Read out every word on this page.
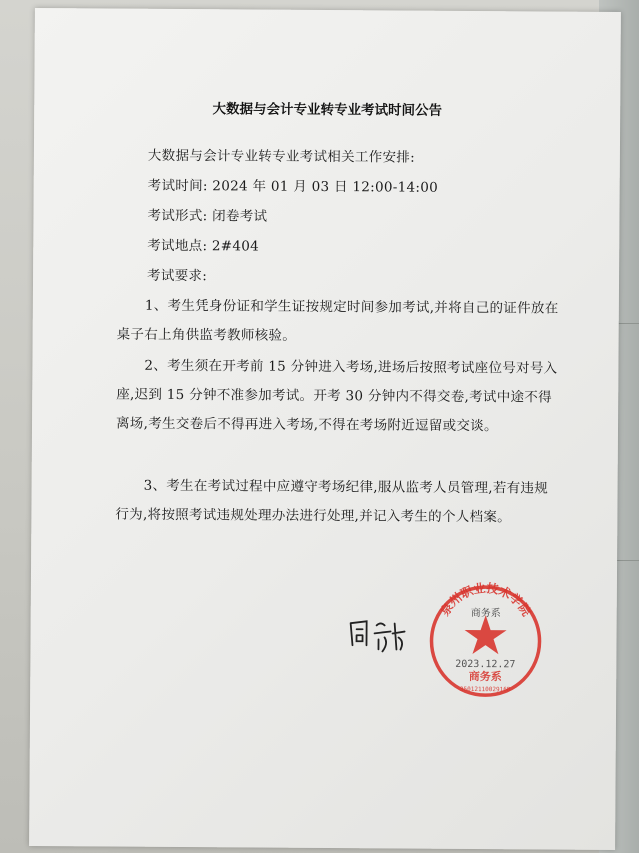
大数据与会计专业转专业考试时间公告
大数据与会计专业转专业考试相关工作安排:
考试时间: 2024 年 01 月 03 日 12:00-14:00
考试形式: 闭卷考试
考试地点: 2#404
考试要求:
1、考生凭身份证和学生证按规定时间参加考试,并将自己的证件放在桌子右上角供监考教师核验。
2、考生须在开考前 15 分钟进入考场,进场后按照考试座位号对号入座,迟到 15 分钟不准参加考试。开考 30 分钟内不得交卷,考试中途不得离场,考生交卷后不得再进入考场,不得在考场附近逗留或交谈。
3、考生在考试过程中应遵守考场纪律,服从监考人员管理,若有违规行为,将按照考试违规处理办法进行处理,并记入考生的个人档案。
泉州职业技术学院
商务系
2023.12.27
商务系
3501211002916B
